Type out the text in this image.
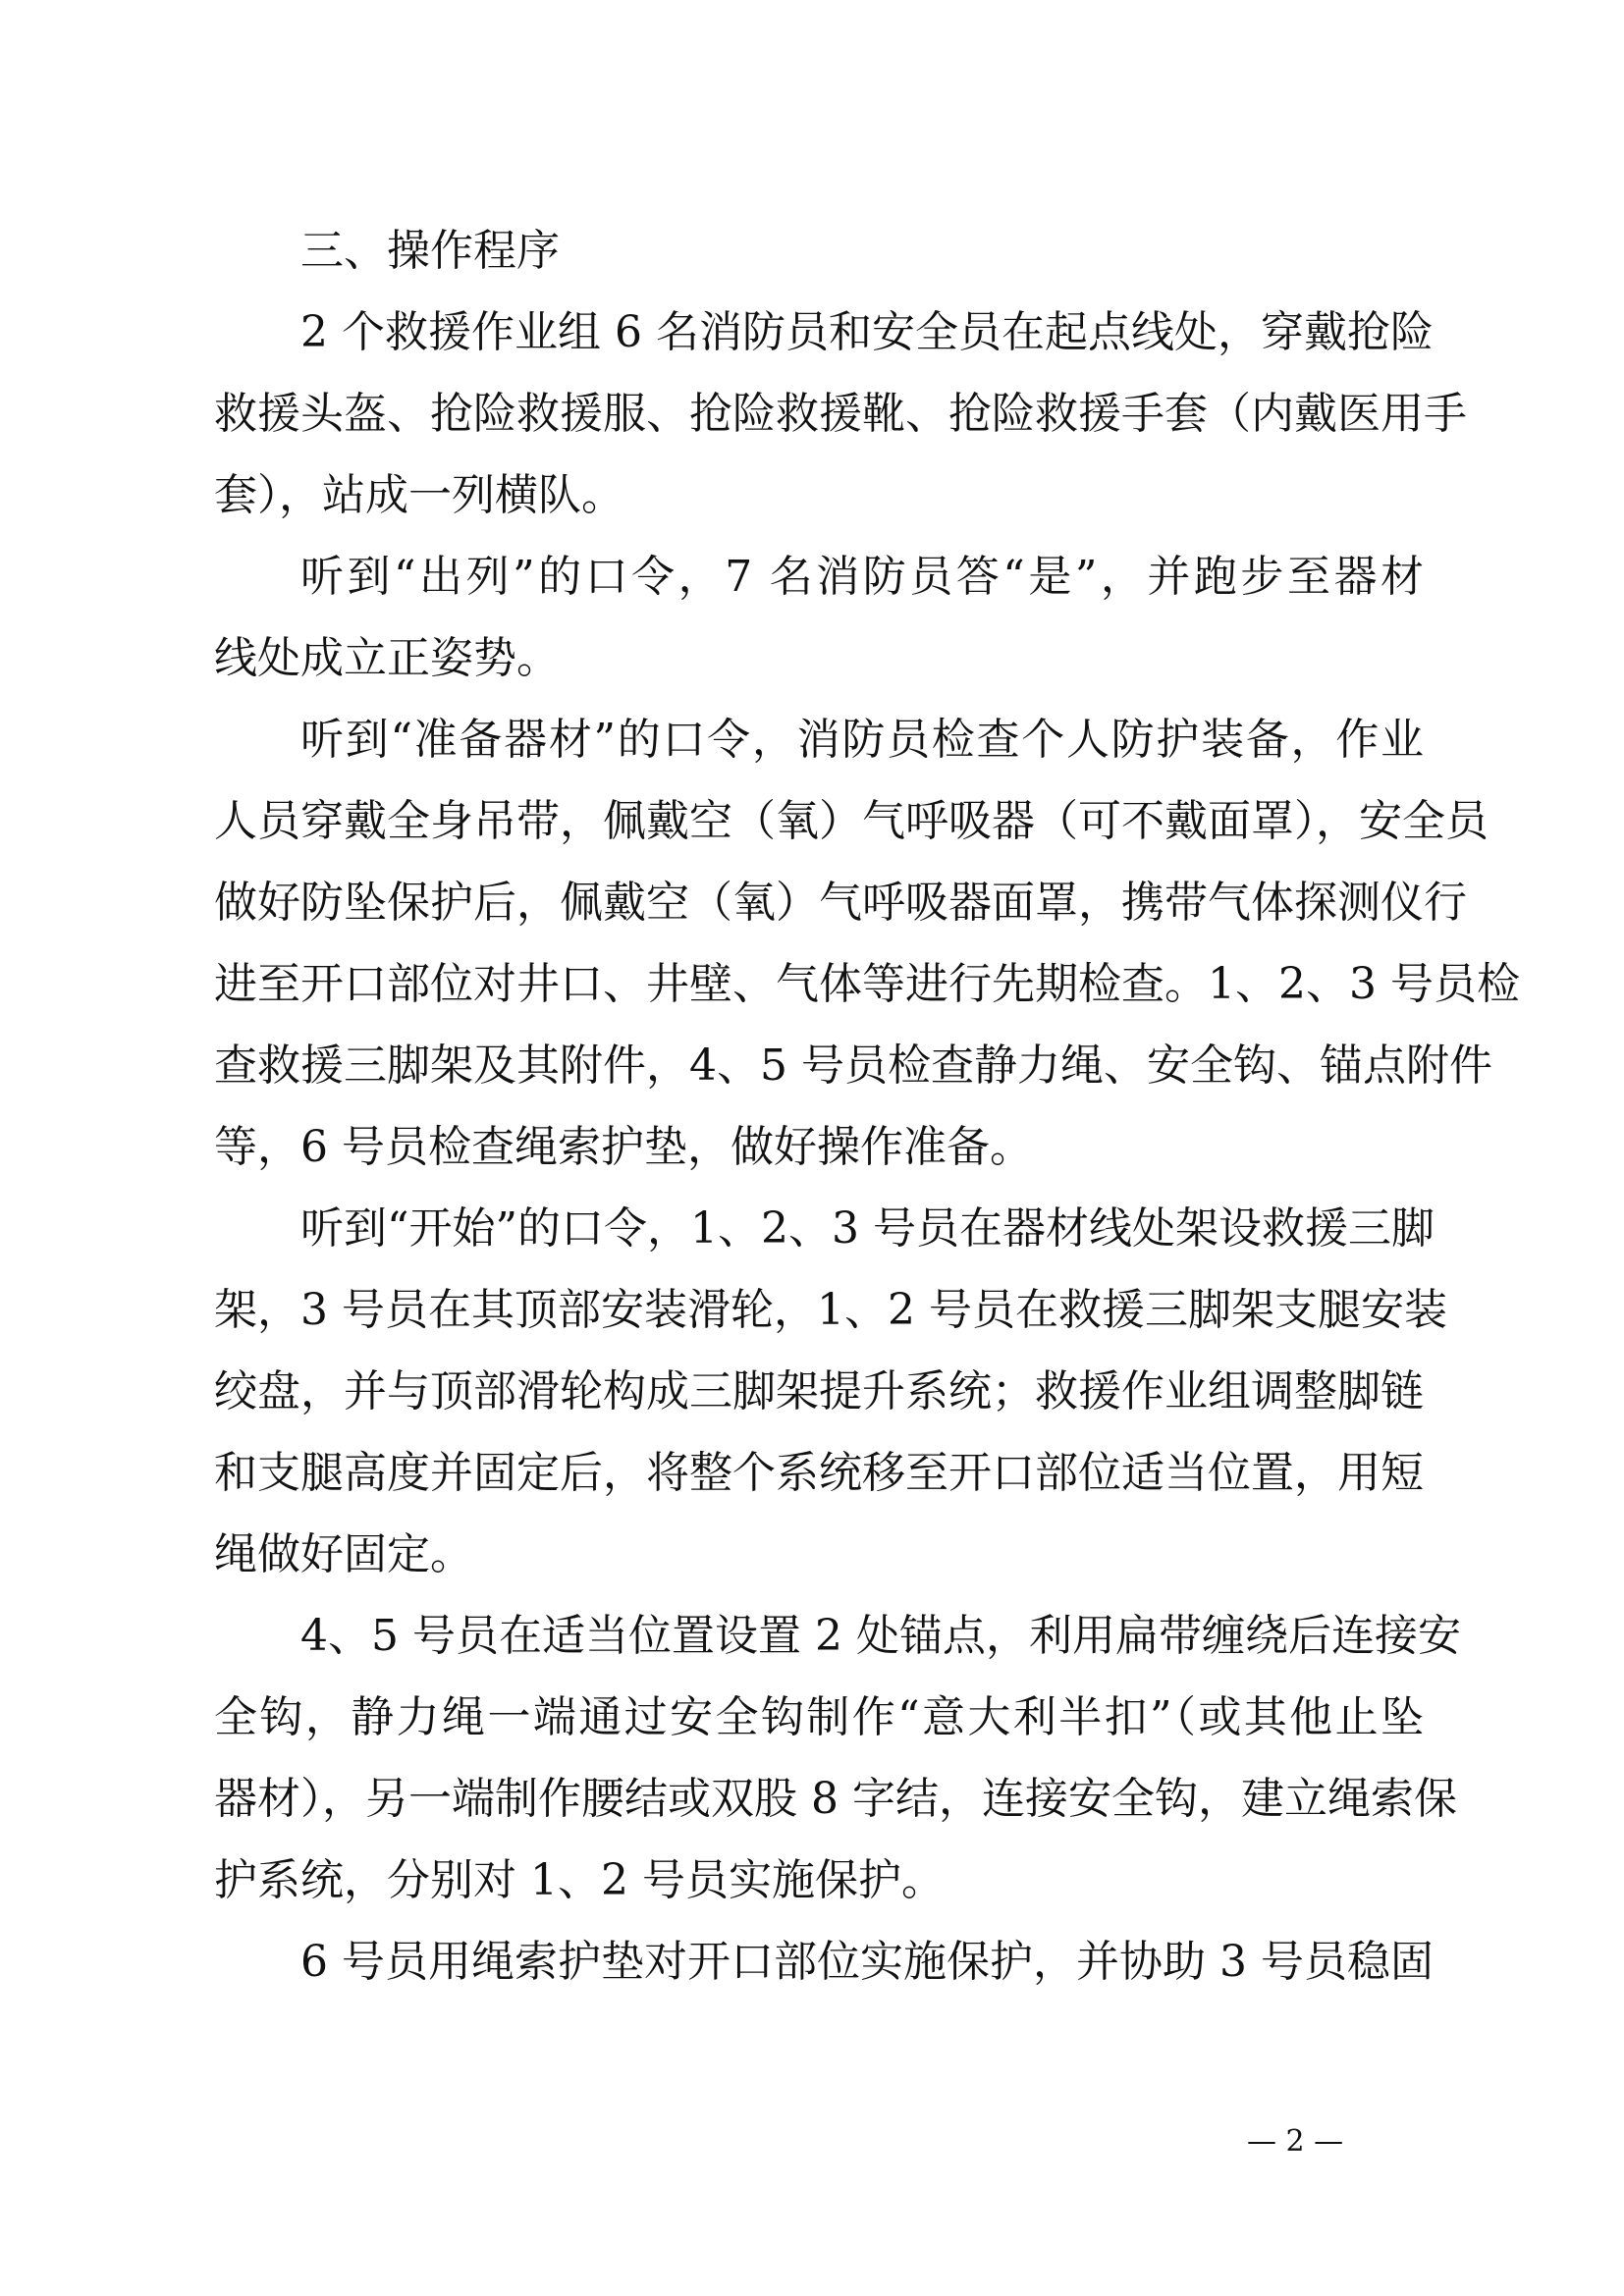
三、操作程序
2 个救援作业组 6 名消防员和安全员在起点线处，穿戴抢险
救援头盔、抢险救援服、抢险救援靴、抢险救援手套（内戴医用手
套），站成一列横队。
听到“出列”的口令，7 名消防员答“是”，并跑步至器材
线处成立正姿势。
听到“准备器材”的口令，消防员检查个人防护装备，作业
人员穿戴全身吊带，佩戴空（氧）气呼吸器（可不戴面罩），安全员
做好防坠保护后，佩戴空（氧）气呼吸器面罩，携带气体探测仪行
进至开口部位对井口、井壁、气体等进行先期检查。1、2、3 号员检
查救援三脚架及其附件，4、5 号员检查静力绳、安全钩、锚点附件
等，6 号员检查绳索护垫，做好操作准备。
听到“开始”的口令，1、2、3 号员在器材线处架设救援三脚
架，3 号员在其顶部安装滑轮，1、2 号员在救援三脚架支腿安装
绞盘，并与顶部滑轮构成三脚架提升系统；救援作业组调整脚链
和支腿高度并固定后，将整个系统移至开口部位适当位置，用短
绳做好固定。
4、5 号员在适当位置设置 2 处锚点，利用扁带缠绕后连接安
全钩，静力绳一端通过安全钩制作“意大利半扣”（或其他止坠
器材），另一端制作腰结或双股 8 字结，连接安全钩，建立绳索保
护系统，分别对 1、2 号员实施保护。
6 号员用绳索护垫对开口部位实施保护，并协助 3 号员稳固
— 2 —
